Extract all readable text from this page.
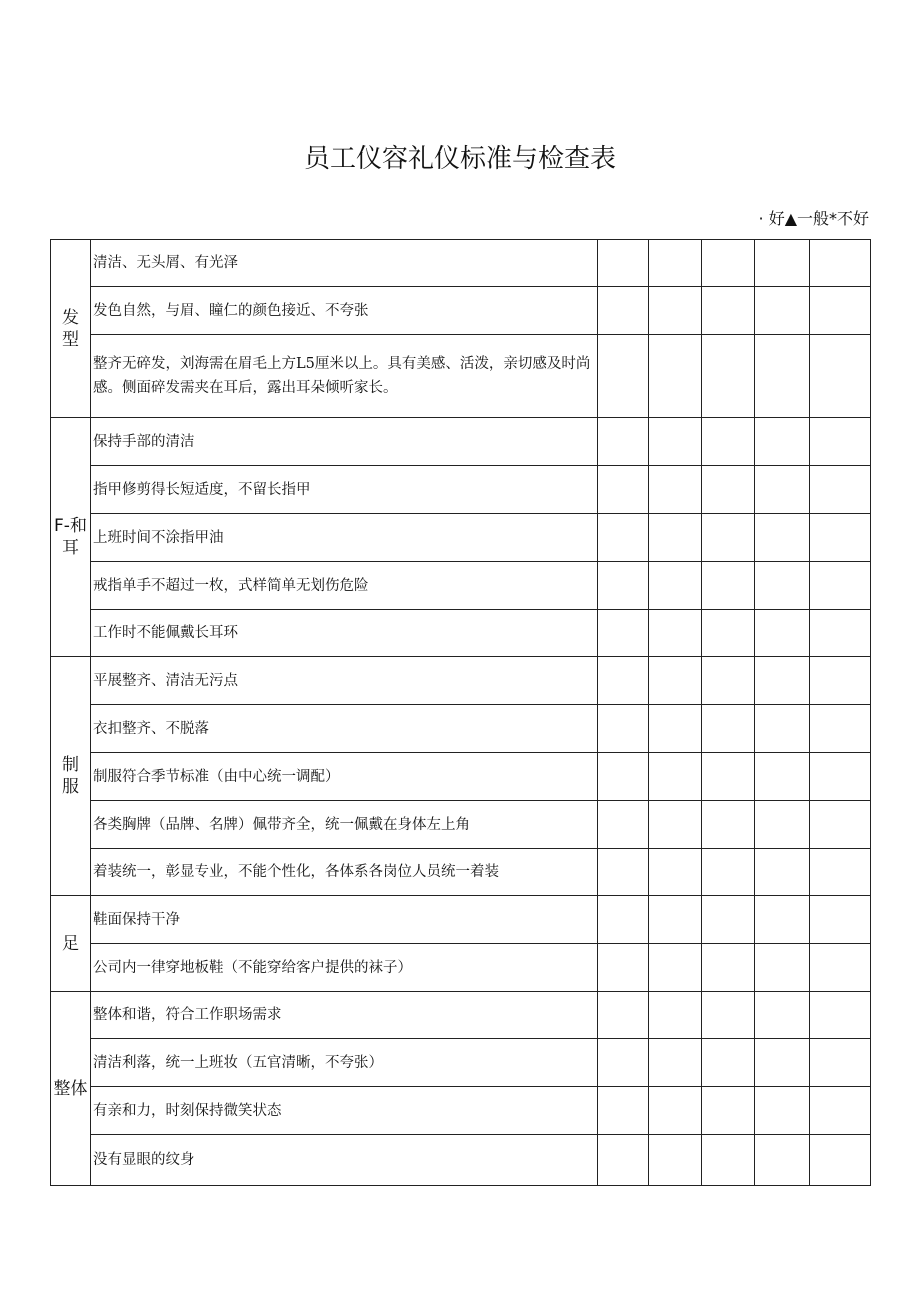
员工仪容礼仪标准与检查表
· 好▲一般*不好
发
型	清洁、无头屑、有光泽					
	发色自然，与眉、瞳仁的颜色接近、不夸张					
	整齐无碎发，刘海需在眉毛上方L5厘米以上。具有美感、活泼，亲切感及时尚感。侧面碎发需夹在耳后，露出耳朵倾听家长。					

F-和
耳	保持手部的清洁					
	指甲修剪得长短适度，不留长指甲					
	上班时间不涂指甲油					
	戒指单手不超过一枚，式样简单无划伤危险					
	工作时不能佩戴长耳环					

制
服	平展整齐、清洁无污点					
	衣扣整齐、不脱落					
	制服符合季节标准（由中心统一调配）					
	各类胸牌（品牌、名牌）佩带齐全，统一佩戴在身体左上角					
	着装统一，彰显专业，不能个性化，各体系各岗位人员统一着装					

足	鞋面保持干净					
	公司内一律穿地板鞋（不能穿给客户提供的袜子）					

整体	整体和谐，符合工作职场需求					
	清洁利落，统一上班妆（五官清晰，不夸张）					
	有亲和力，时刻保持微笑状态					
	没有显眼的纹身					
